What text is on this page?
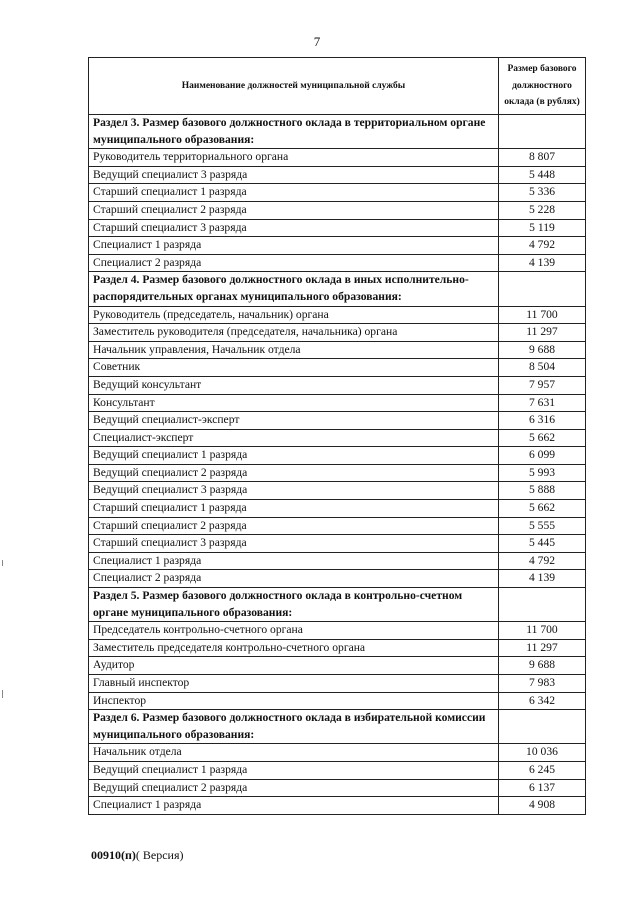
7
Наименование должностей муниципальной службы	Размер базового должностного оклада (в рублях)
Раздел 3. Размер базового должностного оклада в территориальном органе муниципального образования:	
Руководитель территориального органа	8 807
Ведущий специалист 3 разряда	5 448
Старший специалист 1 разряда	5 336
Старший специалист 2 разряда	5 228
Старший специалист 3 разряда	5 119
Специалист 1 разряда	4 792
Специалист 2 разряда	4 139
Раздел 4. Размер базового должностного оклада в иных исполнительно-распорядительных органах муниципального образования:	
Руководитель (председатель, начальник) органа	11 700
Заместитель руководителя (председателя, начальника) органа	11 297
Начальник управления, Начальник отдела	9 688
Советник	8 504
Ведущий консультант	7 957
Консультант	7 631
Ведущий специалист-эксперт	6 316
Специалист-эксперт	5 662
Ведущий специалист 1 разряда	6 099
Ведущий специалист 2 разряда	5 993
Ведущий специалист 3 разряда	5 888
Старший специалист 1 разряда	5 662
Старший специалист 2 разряда	5 555
Старший специалист 3 разряда	5 445
Специалист 1 разряда	4 792
Специалист 2 разряда	4 139
Раздел 5. Размер базового должностного оклада в контрольно-счетном органе муниципального образования:	
Председатель контрольно-счетного органа	11 700
Заместитель председателя контрольно-счетного органа	11 297
Аудитор	9 688
Главный инспектор	7 983
Инспектор	6 342
Раздел 6. Размер базового должностного оклада в избирательной комиссии муниципального образования:	
Начальник отдела	10 036
Ведущий специалист 1 разряда	6 245
Ведущий специалист 2 разряда	6 137
Специалист 1 разряда	4 908
00910(п)( Версия)
